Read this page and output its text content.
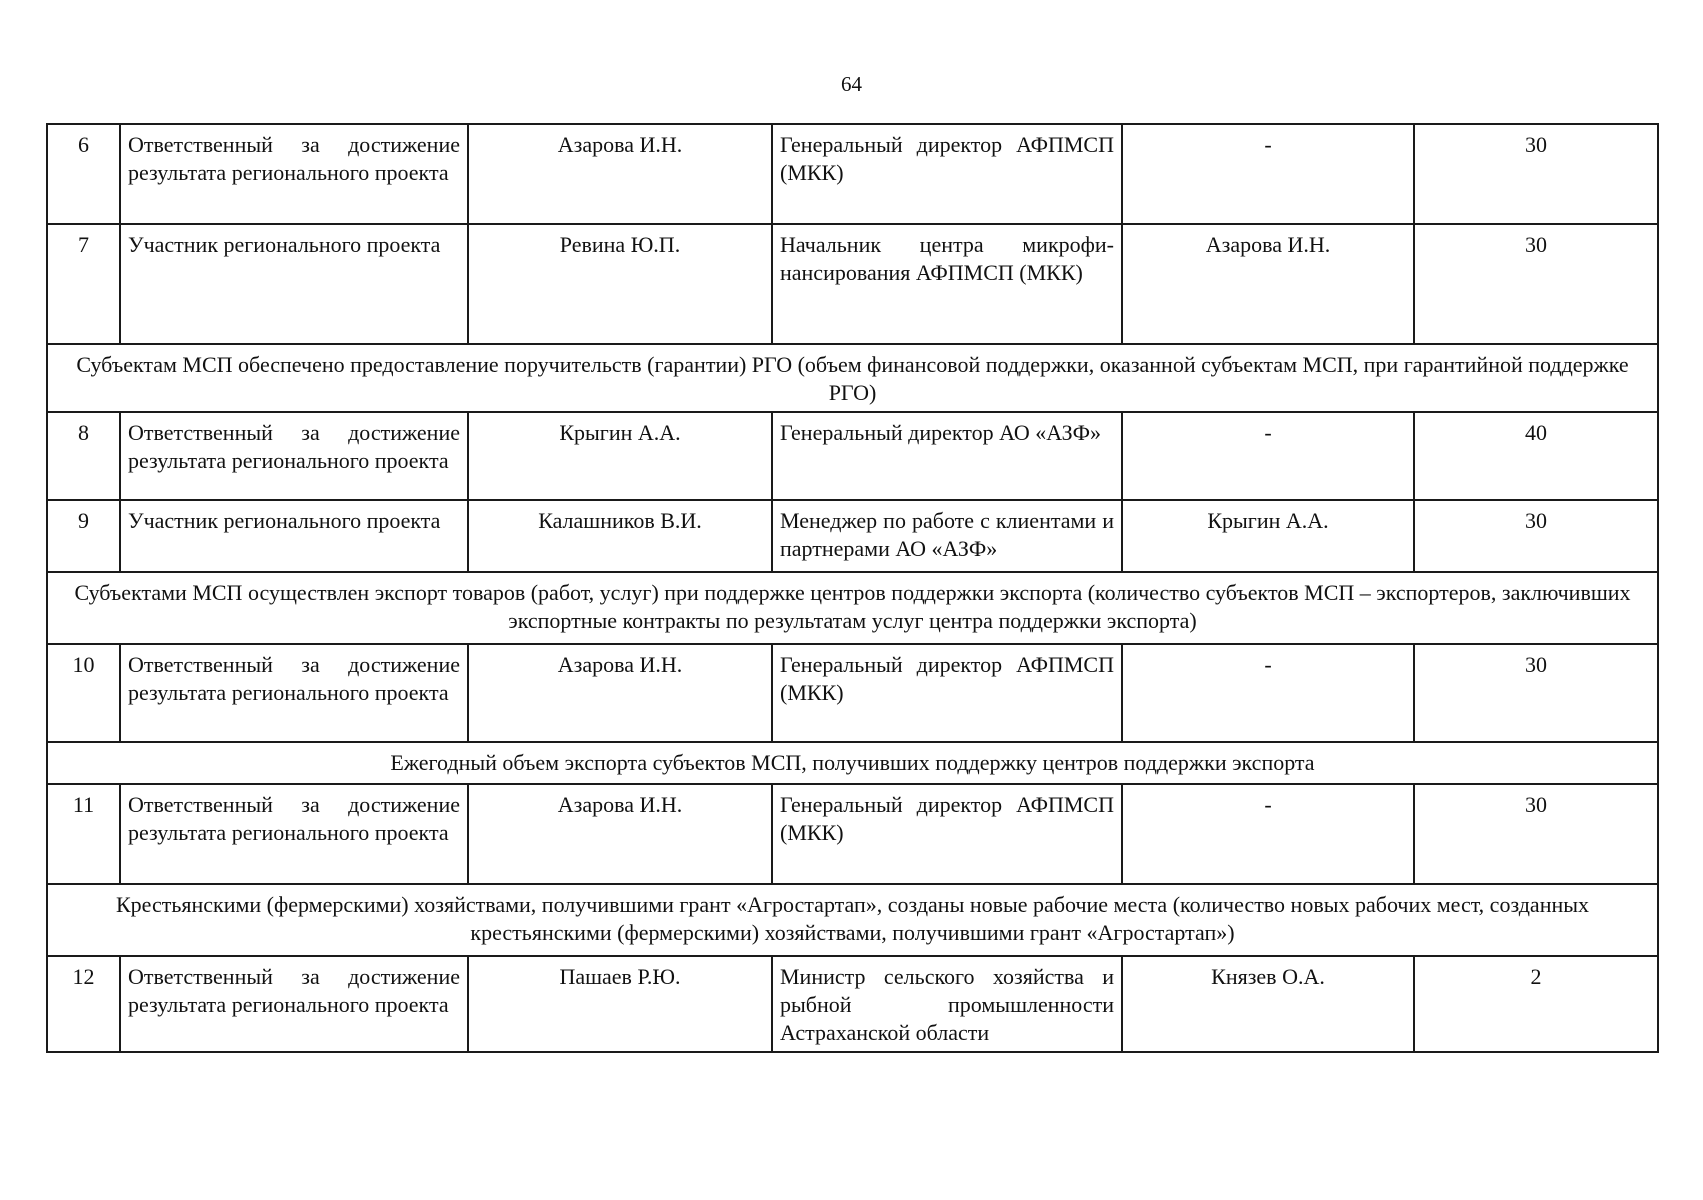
64
6	Ответственный за достижение результата регионального проекта	Азарова И.Н.	Генеральный директор АФПМСП (МКК)	-	30
7	Участник регионального проекта	Ревина Ю.П.	Начальник центра микрофи-нансирования АФПМСП (МКК)	Азарова И.Н.	30
Субъектам МСП обеспечено предоставление поручительств (гарантии) РГО (объем финансовой поддержки, оказанной субъектам МСП, при гарантийной поддержке РГО)					
8	Ответственный за достижение результата регионального проекта	Крыгин А.А.	Генеральный директор АО «АЗФ»	-	40
9	Участник регионального проекта	Калашников В.И.	Менеджер по работе с клиентами и партнерами АО «АЗФ»	Крыгин А.А.	30
Субъектами МСП осуществлен экспорт товаров (работ, услуг) при поддержке центров поддержки экспорта (количество субъектов МСП – экспортеров, заключивших экспортные контракты по результатам услуг центра поддержки экспорта)					
10	Ответственный за достижение результата регионального проекта	Азарова И.Н.	Генеральный директор АФПМСП (МКК)	-	30
Ежегодный объем экспорта субъектов МСП, получивших поддержку центров поддержки экспорта					
11	Ответственный за достижение результата регионального проекта	Азарова И.Н.	Генеральный директор АФПМСП (МКК)	-	30
Крестьянскими (фермерскими) хозяйствами, получившими грант «Агростартап», созданы новые рабочие места (количество новых рабочих мест, созданных крестьянскими (фермерскими) хозяйствами, получившими грант «Агростартап»)					
12	Ответственный за достижение результата регионального проекта	Пашаев Р.Ю.	Министр сельского хозяйства и рыбной промышленности Астраханской области	Князев О.А.	2
